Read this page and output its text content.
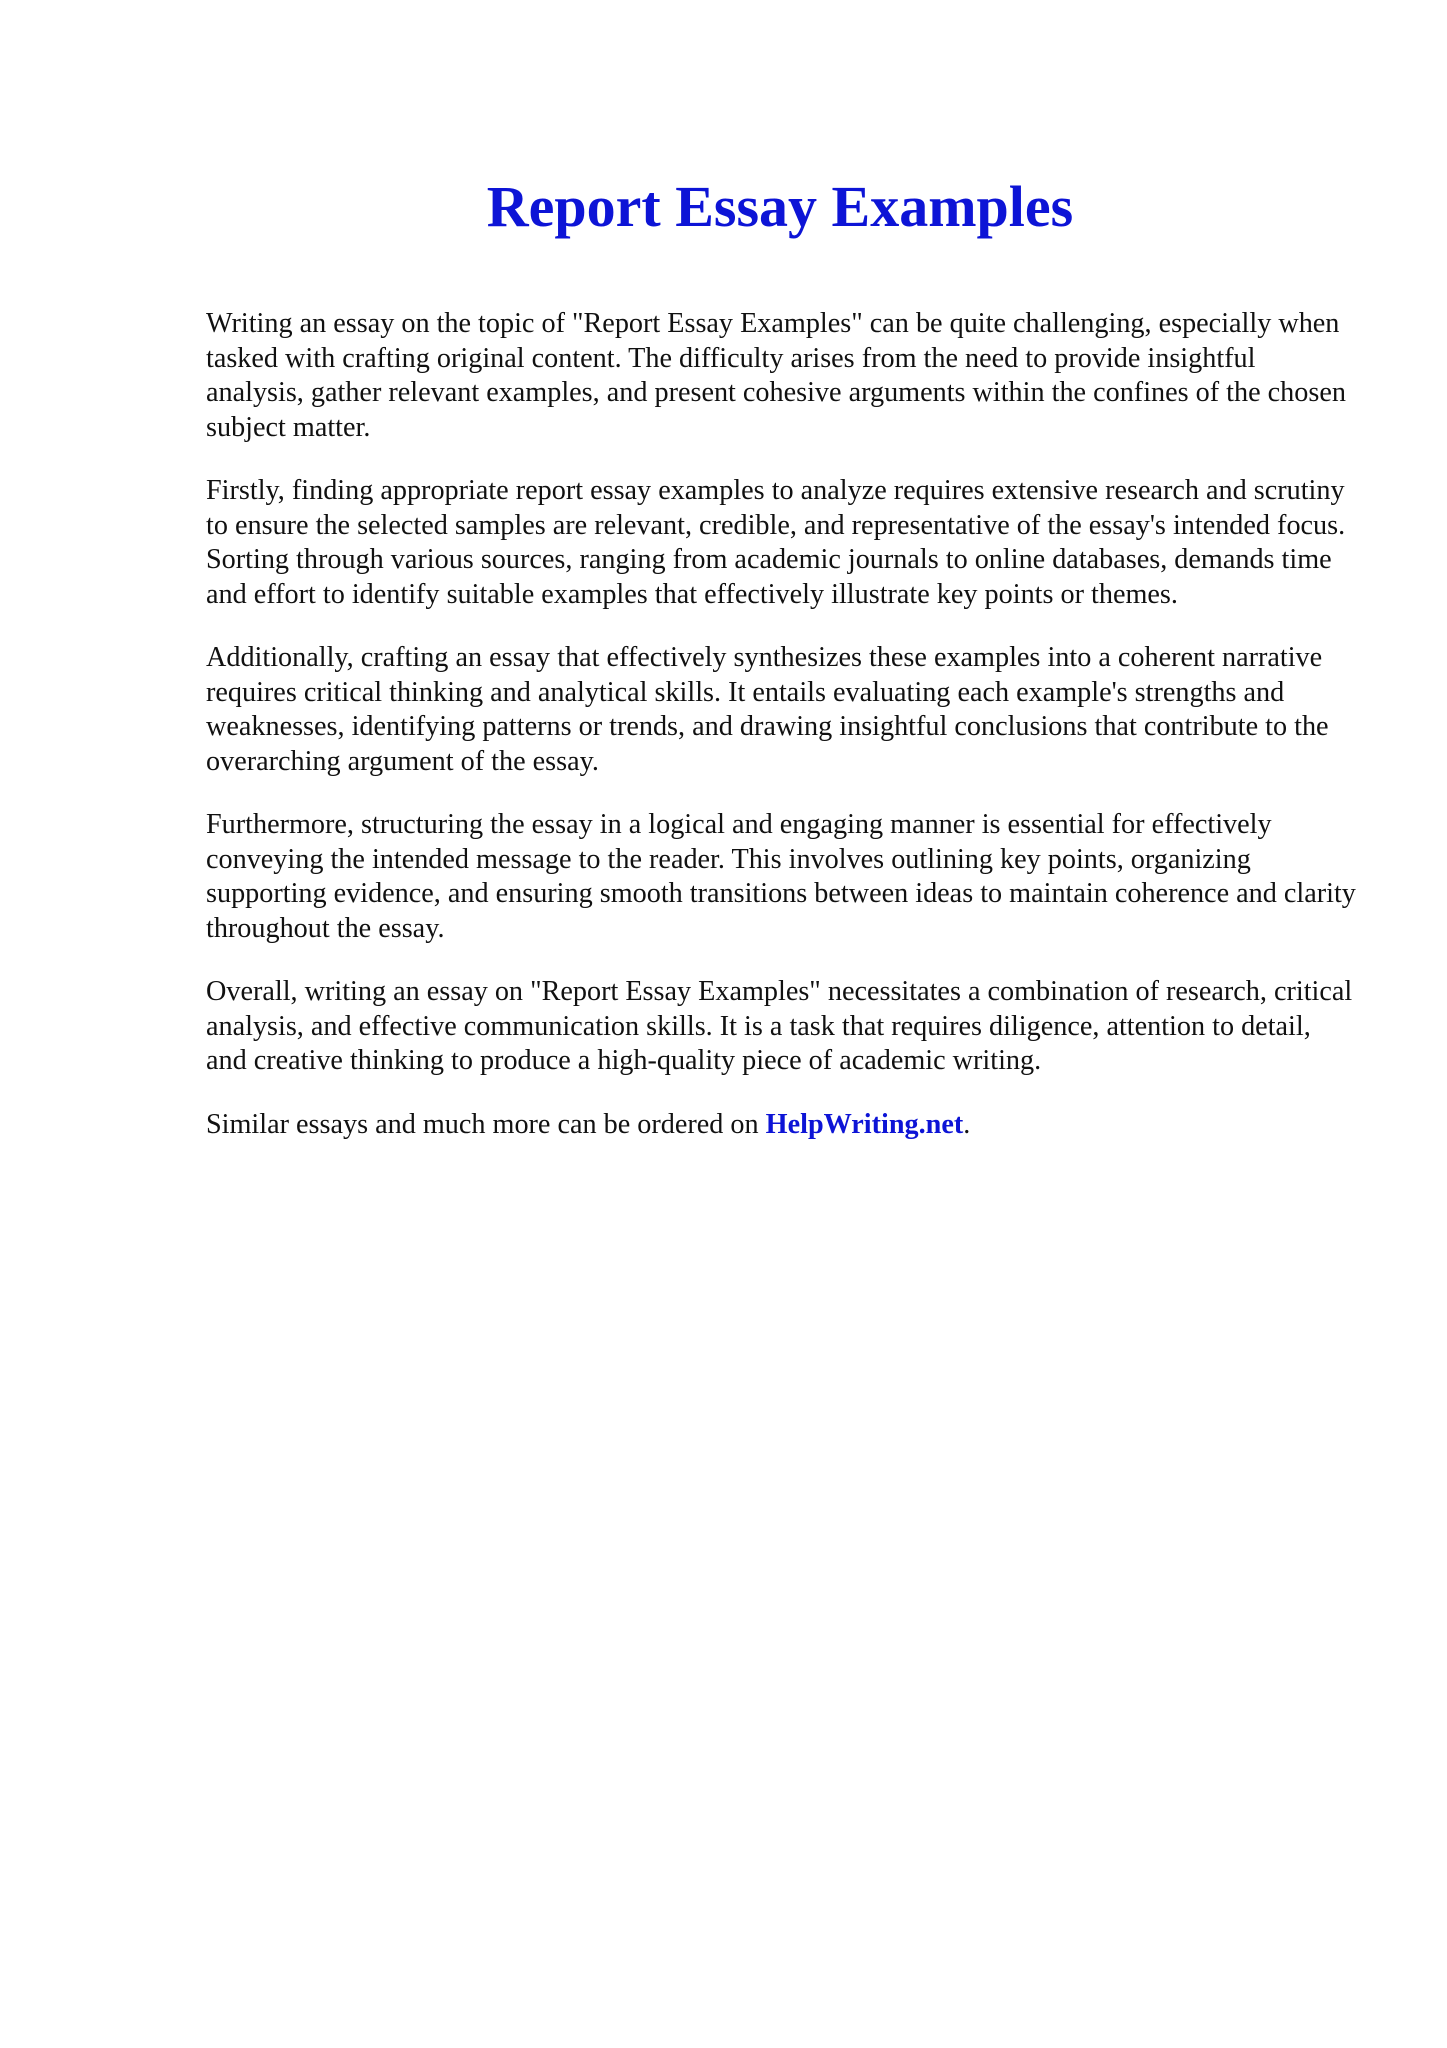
Report Essay Examples

Writing an essay on the topic of "Report Essay Examples" can be quite challenging, especially when tasked with crafting original content. The difficulty arises from the need to provide insightful analysis, gather relevant examples, and present cohesive arguments within the confines of the chosen subject matter.

Firstly, finding appropriate report essay examples to analyze requires extensive research and scrutiny to ensure the selected samples are relevant, credible, and representative of the essay's intended focus. Sorting through various sources, ranging from academic journals to online databases, demands time and effort to identify suitable examples that effectively illustrate key points or themes.

Additionally, crafting an essay that effectively synthesizes these examples into a coherent narrative requires critical thinking and analytical skills. It entails evaluating each example's strengths and weaknesses, identifying patterns or trends, and drawing insightful conclusions that contribute to the overarching argument of the essay.

Furthermore, structuring the essay in a logical and engaging manner is essential for effectively conveying the intended message to the reader. This involves outlining key points, organizing supporting evidence, and ensuring smooth transitions between ideas to maintain coherence and clarity throughout the essay.

Overall, writing an essay on "Report Essay Examples" necessitates a combination of research, critical analysis, and effective communication skills. It is a task that requires diligence, attention to detail, and creative thinking to produce a high-quality piece of academic writing.

Similar essays and much more can be ordered on HelpWriting.net.
